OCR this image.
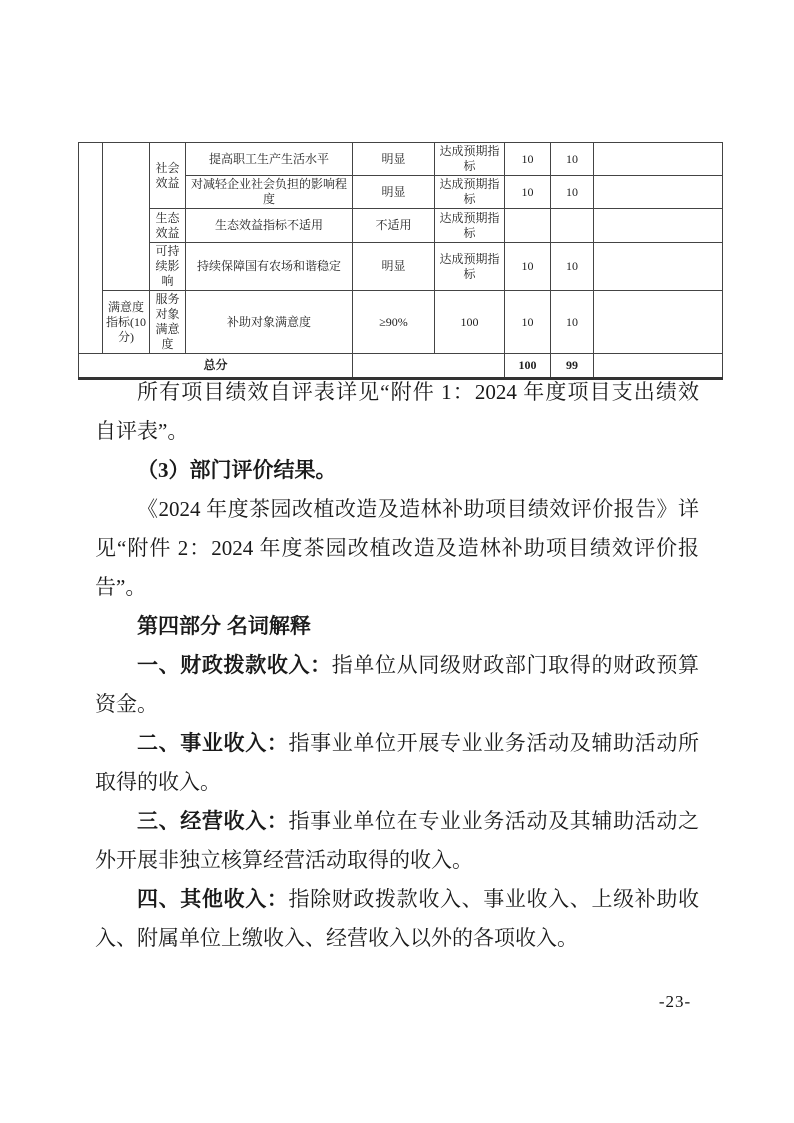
		社会效益	提高职工生产生活水平	明显	达成预期指标	10	10	
			对减轻企业社会负担的影响程度	明显	达成预期指标	10	10	
		生态效益	生态效益指标不适用	不适用	达成预期指标			
		可持续影响	持续保障国有农场和谐稳定	明显	达成预期指标	10	10	
	满意度指标(10 分)	服务对象满意度	补助对象满意度	≥90%	100	10	10	
总分						100	99	
所有项目绩效自评表详见“附件 1：2024 年度项目支出绩效
自评表”。
（3）部门评价结果。
《2024 年度茶园改植改造及造林补助项目绩效评价报告》详
见“附件 2：2024 年度茶园改植改造及造林补助项目绩效评价报
告”。
第四部分 名词解释
一、财政拨款收入：指单位从同级财政部门取得的财政预算
资金。
二、事业收入：指事业单位开展专业业务活动及辅助活动所
取得的收入。
三、经营收入：指事业单位在专业业务活动及其辅助活动之
外开展非独立核算经营活动取得的收入。
四、其他收入：指除财政拨款收入、事业收入、上级补助收
入、附属单位上缴收入、经营收入以外的各项收入。
-23-
